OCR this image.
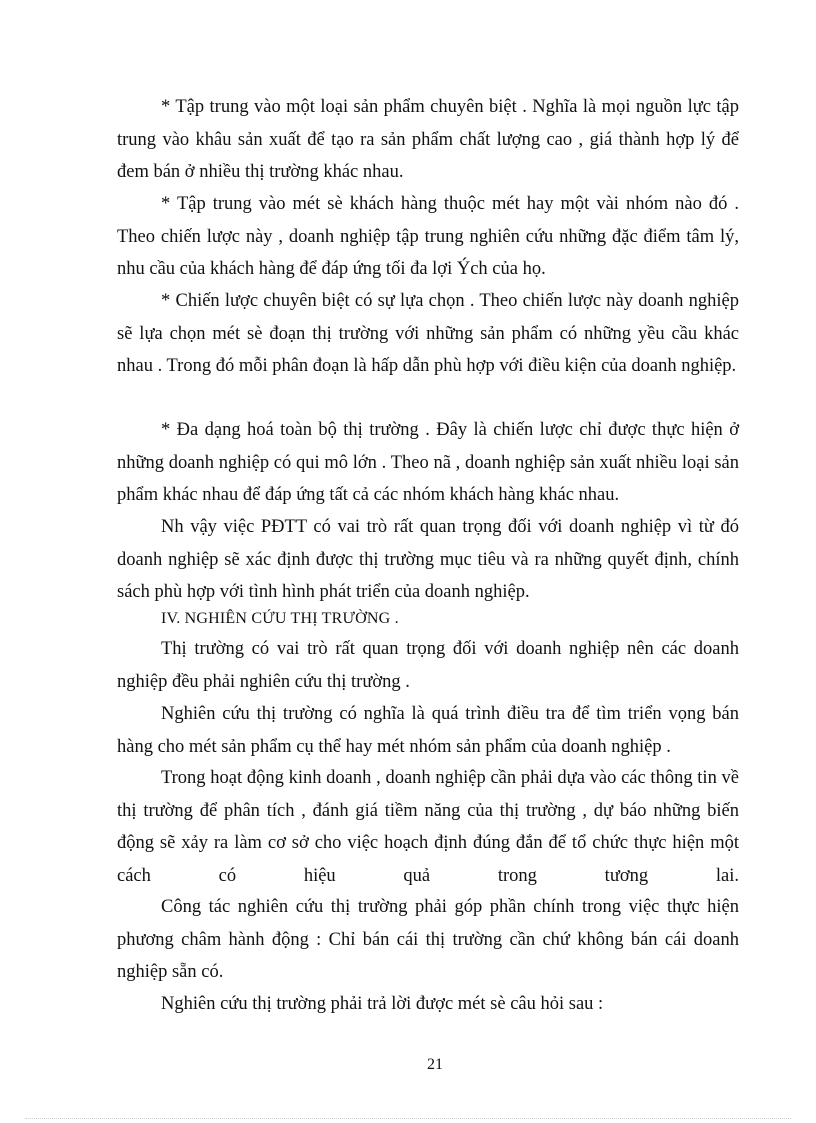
* Tập trung vào một loại sản phẩm chuyên biệt . Nghĩa là mọi nguồn lực tập trung vào khâu sản xuất để tạo ra sản phẩm chất lượng cao , giá thành hợp lý để đem bán ở nhiều thị trường khác nhau.

* Tập trung vào mét sè khách hàng thuộc mét hay một vài nhóm nào đó . Theo chiến lược này , doanh nghiệp tập trung nghiên cứu những đặc điểm tâm lý, nhu cầu của khách hàng để đáp ứng tối đa lợi Ých của họ.

* Chiến lược chuyên biệt có sự lựa chọn . Theo chiến lược này doanh nghiệp sẽ lựa chọn mét sè đoạn thị trường với những sản phẩm có những yều cầu khác nhau . Trong đó mỗi phân đoạn là hấp dẫn phù hợp với điều kiện của doanh nghiệp.

* Đa dạng hoá toàn bộ thị trường . Đây là chiến lược chỉ được thực hiện ở những doanh nghiệp có qui mô lớn . Theo nã , doanh nghiệp sản xuất nhiều loại sản phẩm khác nhau để đáp ứng tất cả các nhóm khách hàng khác nhau.

Nh vậy việc PĐTT có vai trò rất quan trọng đối với doanh nghiệp vì từ đó doanh nghiệp sẽ xác định được thị trường mục tiêu và ra những quyết định, chính sách phù hợp với tình hình phát triển của doanh nghiệp.

IV. NGHIÊN CỨU THỊ TRƯỜNG .

Thị trường có vai trò rất quan trọng đối với doanh nghiệp nên các doanh nghiệp đều phải nghiên cứu thị trường .

Nghiên cứu thị trường có nghĩa là quá trình điều tra để tìm triển vọng bán hàng cho mét sản phẩm cụ thể hay mét nhóm sản phẩm của doanh nghiệp .

Trong hoạt động kinh doanh , doanh nghiệp cần phải dựa vào các thông tin về thị trường để phân tích , đánh giá tiềm năng của thị trường , dự báo những biến động sẽ xảy ra làm cơ sở cho việc hoạch định đúng đắn để tổ chức thực hiện một cách có hiệu quả trong tương lai.

Công tác nghiên cứu thị trường phải góp phần chính trong việc thực hiện phương châm hành động : Chỉ bán cái thị trường cần chứ không bán cái doanh nghiệp sẵn có.

Nghiên cứu thị trường phải trả lời được mét sè câu hỏi sau :

21
